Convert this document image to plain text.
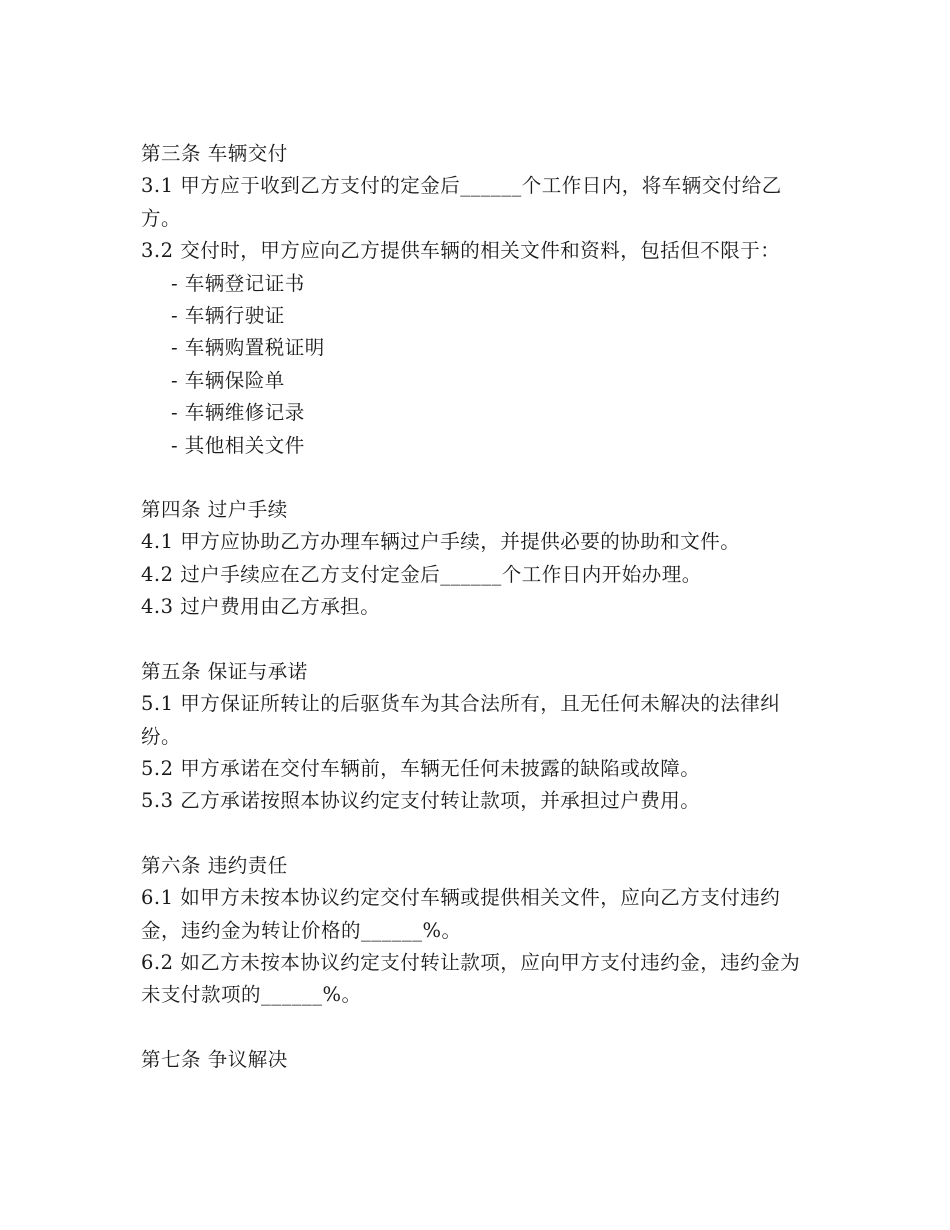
第三条 车辆交付

3.1 甲方应于收到乙方支付的定金后______个工作日内，将车辆交付给乙方。

3.2 交付时，甲方应向乙方提供车辆的相关文件和资料，包括但不限于：

- 车辆登记证书

- 车辆行驶证

- 车辆购置税证明

- 车辆保险单

- 车辆维修记录

- 其他相关文件

第四条 过户手续

4.1 甲方应协助乙方办理车辆过户手续，并提供必要的协助和文件。

4.2 过户手续应在乙方支付定金后______个工作日内开始办理。

4.3 过户费用由乙方承担。

第五条 保证与承诺

5.1 甲方保证所转让的后驱货车为其合法所有，且无任何未解决的法律纠纷。

5.2 甲方承诺在交付车辆前，车辆无任何未披露的缺陷或故障。

5.3 乙方承诺按照本协议约定支付转让款项，并承担过户费用。

第六条 违约责任

6.1 如甲方未按本协议约定交付车辆或提供相关文件，应向乙方支付违约金，违约金为转让价格的______%。

6.2 如乙方未按本协议约定支付转让款项，应向甲方支付违约金，违约金为未支付款项的______%。

第七条 争议解决
